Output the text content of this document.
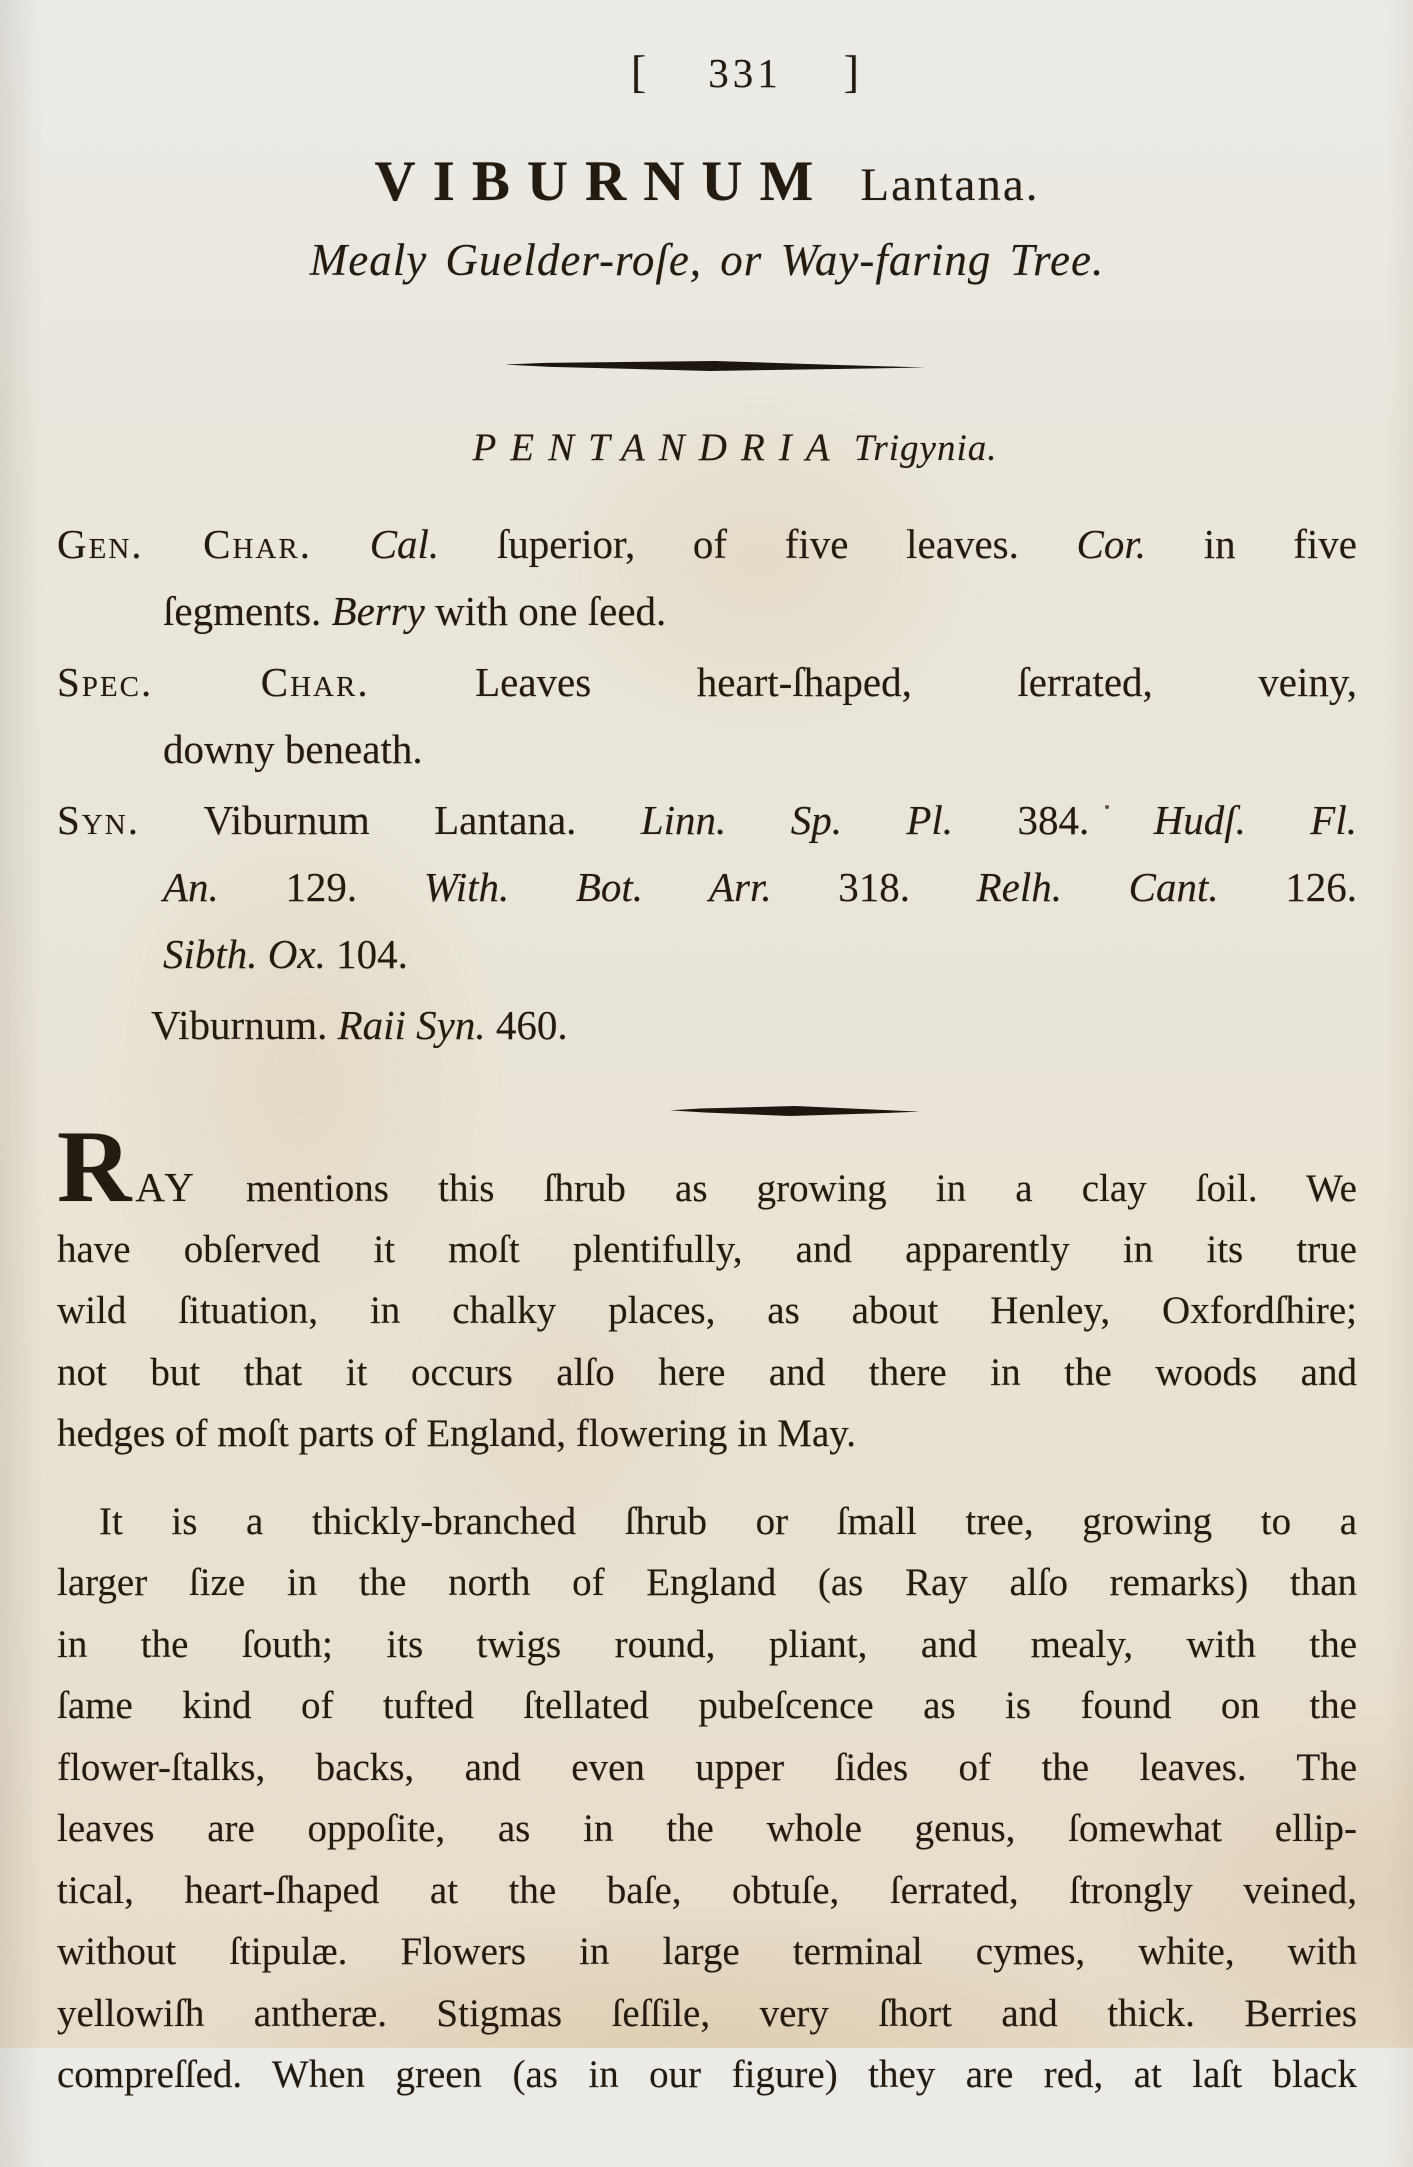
[ 331 ]
VIBURNUM Lantana.
Mealy Guelder-roſe, or Way-faring Tree.
PENTANDRIA Trigynia.
Gen. Char. Cal. ſuperior, of five leaves. Cor. in five
ſegments. Berry with one ſeed.
Spec. Char. Leaves heart-ſhaped, ſerrated, veiny,
downy beneath.
Syn. Viburnum Lantana. Linn. Sp. Pl. 384. Hudſ. Fl.
An. 129. With. Bot. Arr. 318. Relh. Cant. 126.
Sibth. Ox. 104.
Viburnum. Raii Syn. 460.
RAY mentions this ſhrub as growing in a clay ſoil. We
have obſerved it moſt plentifully, and apparently in its true
wild ſituation, in chalky places, as about Henley, Oxfordſhire;
not but that it occurs alſo here and there in the woods and
hedges of moſt parts of England, flowering in May.
It is a thickly-branched ſhrub or ſmall tree, growing to a
larger ſize in the north of England (as Ray alſo remarks) than
in the ſouth; its twigs round, pliant, and mealy, with the
ſame kind of tufted ſtellated pubeſcence as is found on the
flower-ſtalks, backs, and even upper ſides of the leaves. The
leaves are oppoſite, as in the whole genus, ſomewhat ellip-
tical, heart-ſhaped at the baſe, obtuſe, ſerrated, ſtrongly veined,
without ſtipulæ. Flowers in large terminal cymes, white, with
yellowiſh antheræ. Stigmas ſeſſile, very ſhort and thick. Berries
compreſſed. When green (as in our figure) they are red, at laſt black
